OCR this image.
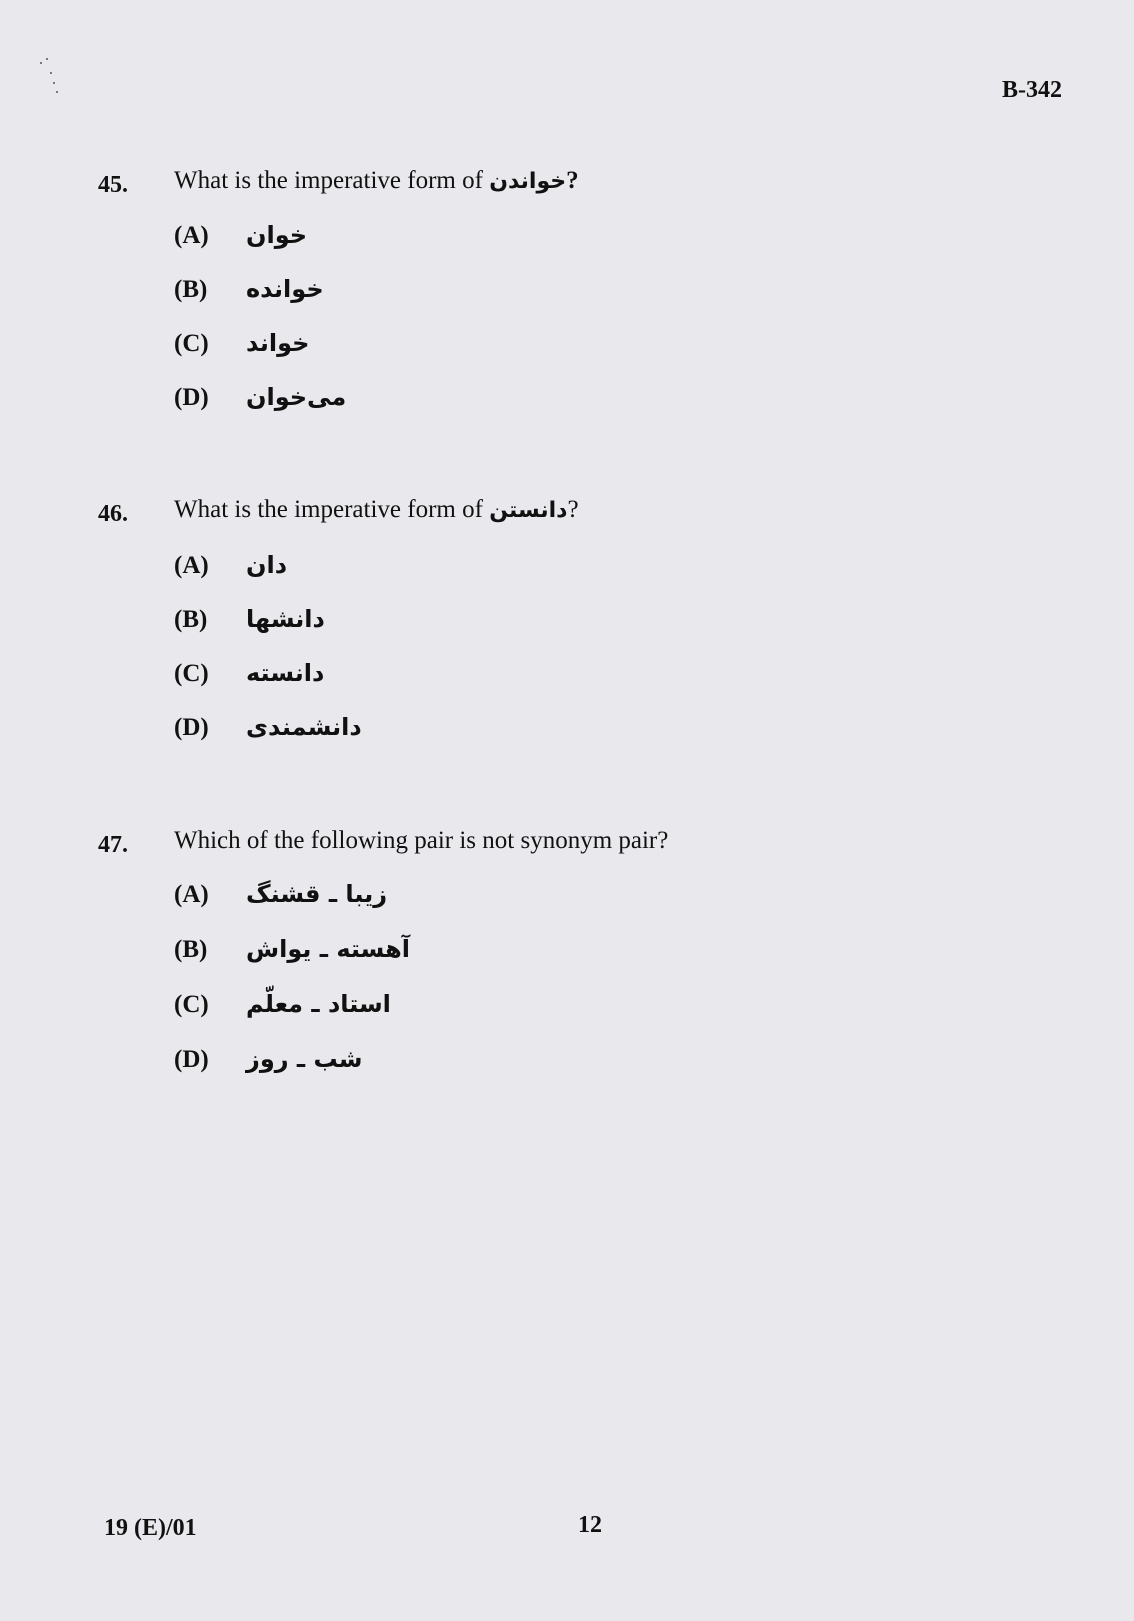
B-342
45. What is the imperative form of خواندن?
(A) خوان
(B) خوانده
(C) خواند
(D) می‌خوان
46. What is the imperative form of دانستن?
(A) دان
(B) دانشها
(C) دانسته
(D) دانشمندی
47. Which of the following pair is not synonym pair?
(A) زیبا ـ قشنگ
(B) آهسته ـ یواش
(C) استاد ـ معلّم
(D) شب ـ روز
19 (E)/01	12
